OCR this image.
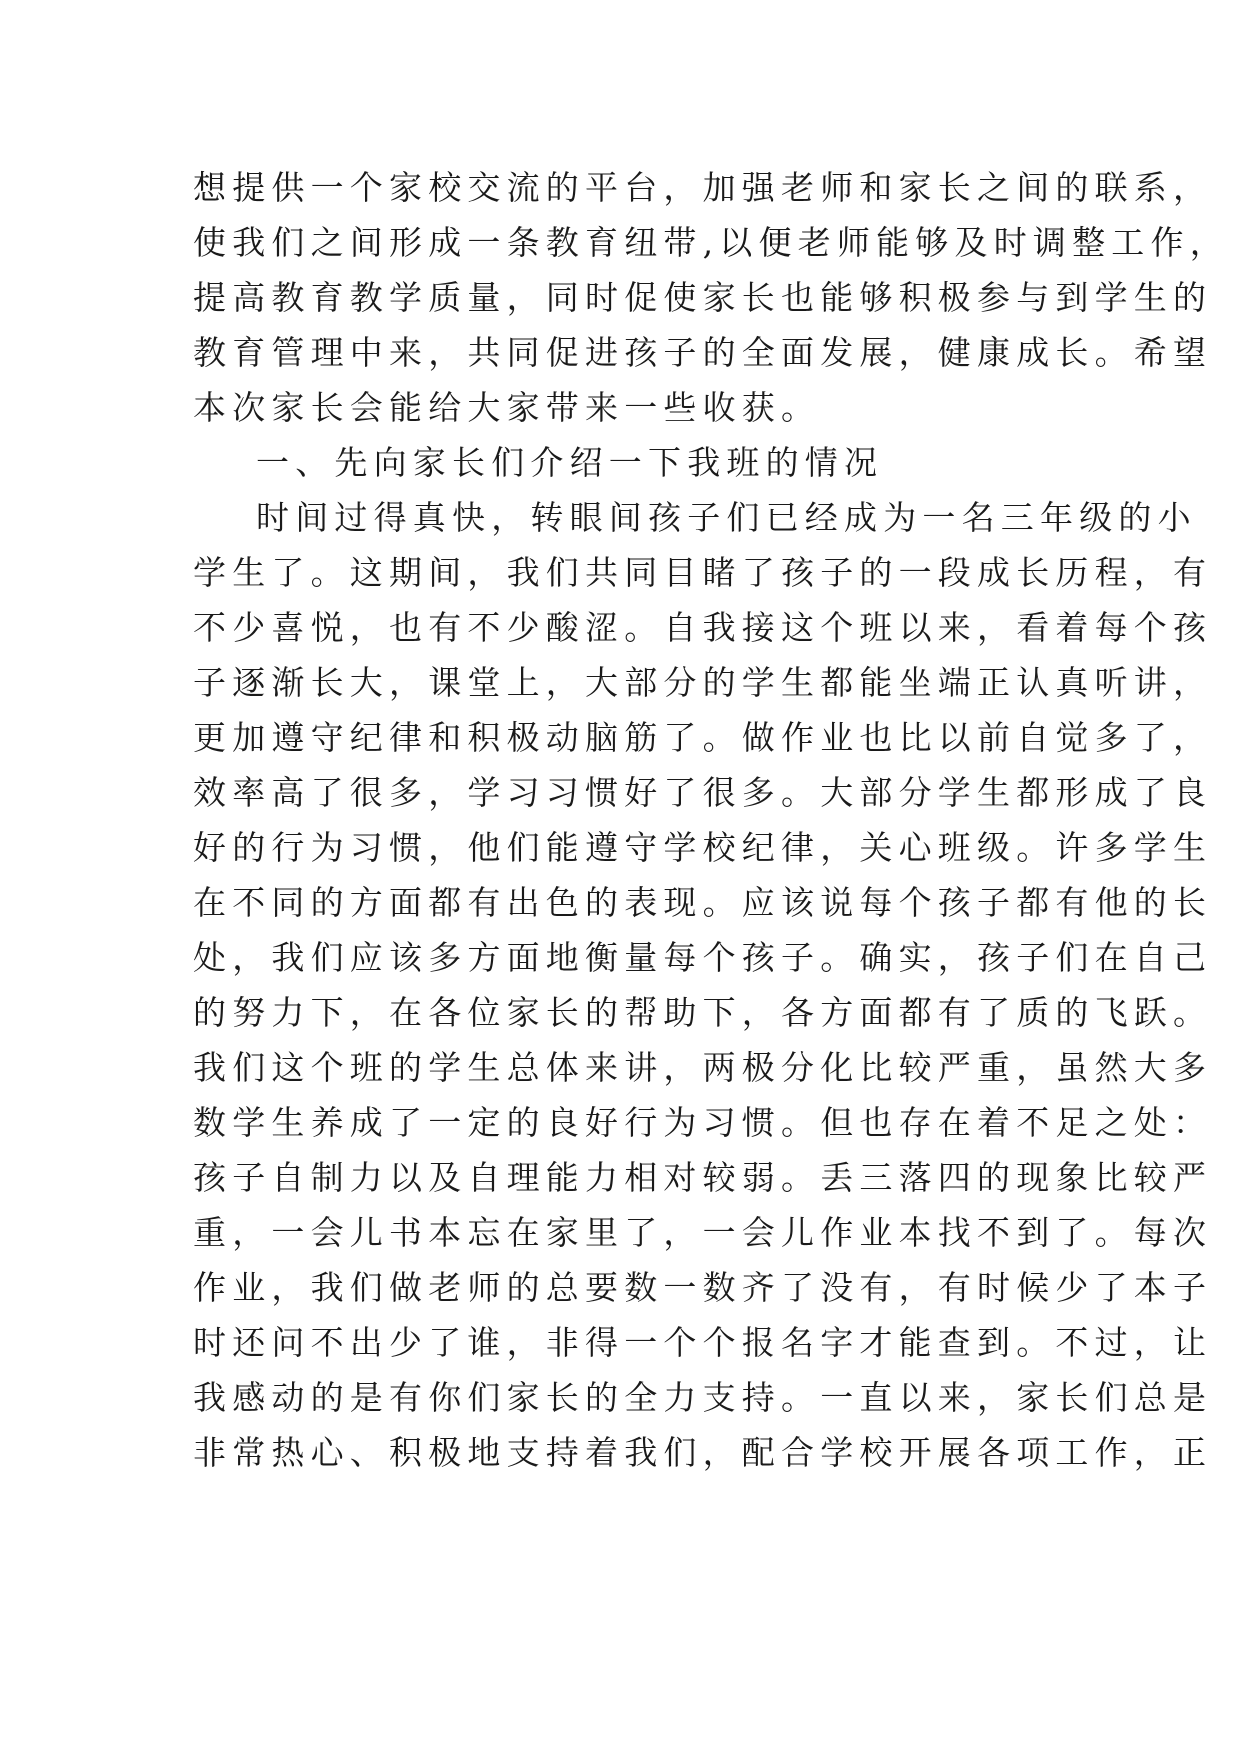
想提供一个家校交流的平台，加强老师和家长之间的联系，
使我们之间形成一条教育纽带,以便老师能够及时调整工作，
提高教育教学质量，同时促使家长也能够积极参与到学生的
教育管理中来，共同促进孩子的全面发展，健康成长。希望
本次家长会能给大家带来一些收获。
一、先向家长们介绍一下我班的情况
时间过得真快，转眼间孩子们已经成为一名三年级的小
学生了。这期间，我们共同目睹了孩子的一段成长历程，有
不少喜悦，也有不少酸涩。自我接这个班以来，看着每个孩
子逐渐长大，课堂上，大部分的学生都能坐端正认真听讲，
更加遵守纪律和积极动脑筋了。做作业也比以前自觉多了，
效率高了很多，学习习惯好了很多。大部分学生都形成了良
好的行为习惯，他们能遵守学校纪律，关心班级。许多学生
在不同的方面都有出色的表现。应该说每个孩子都有他的长
处，我们应该多方面地衡量每个孩子。确实，孩子们在自己
的努力下，在各位家长的帮助下，各方面都有了质的飞跃。
我们这个班的学生总体来讲，两极分化比较严重，虽然大多
数学生养成了一定的良好行为习惯。但也存在着不足之处：
孩子自制力以及自理能力相对较弱。丢三落四的现象比较严
重，一会儿书本忘在家里了，一会儿作业本找不到了。每次
作业，我们做老师的总要数一数齐了没有，有时候少了本子
时还问不出少了谁，非得一个个报名字才能查到。不过，让
我感动的是有你们家长的全力支持。一直以来，家长们总是
非常热心、积极地支持着我们，配合学校开展各项工作，正
